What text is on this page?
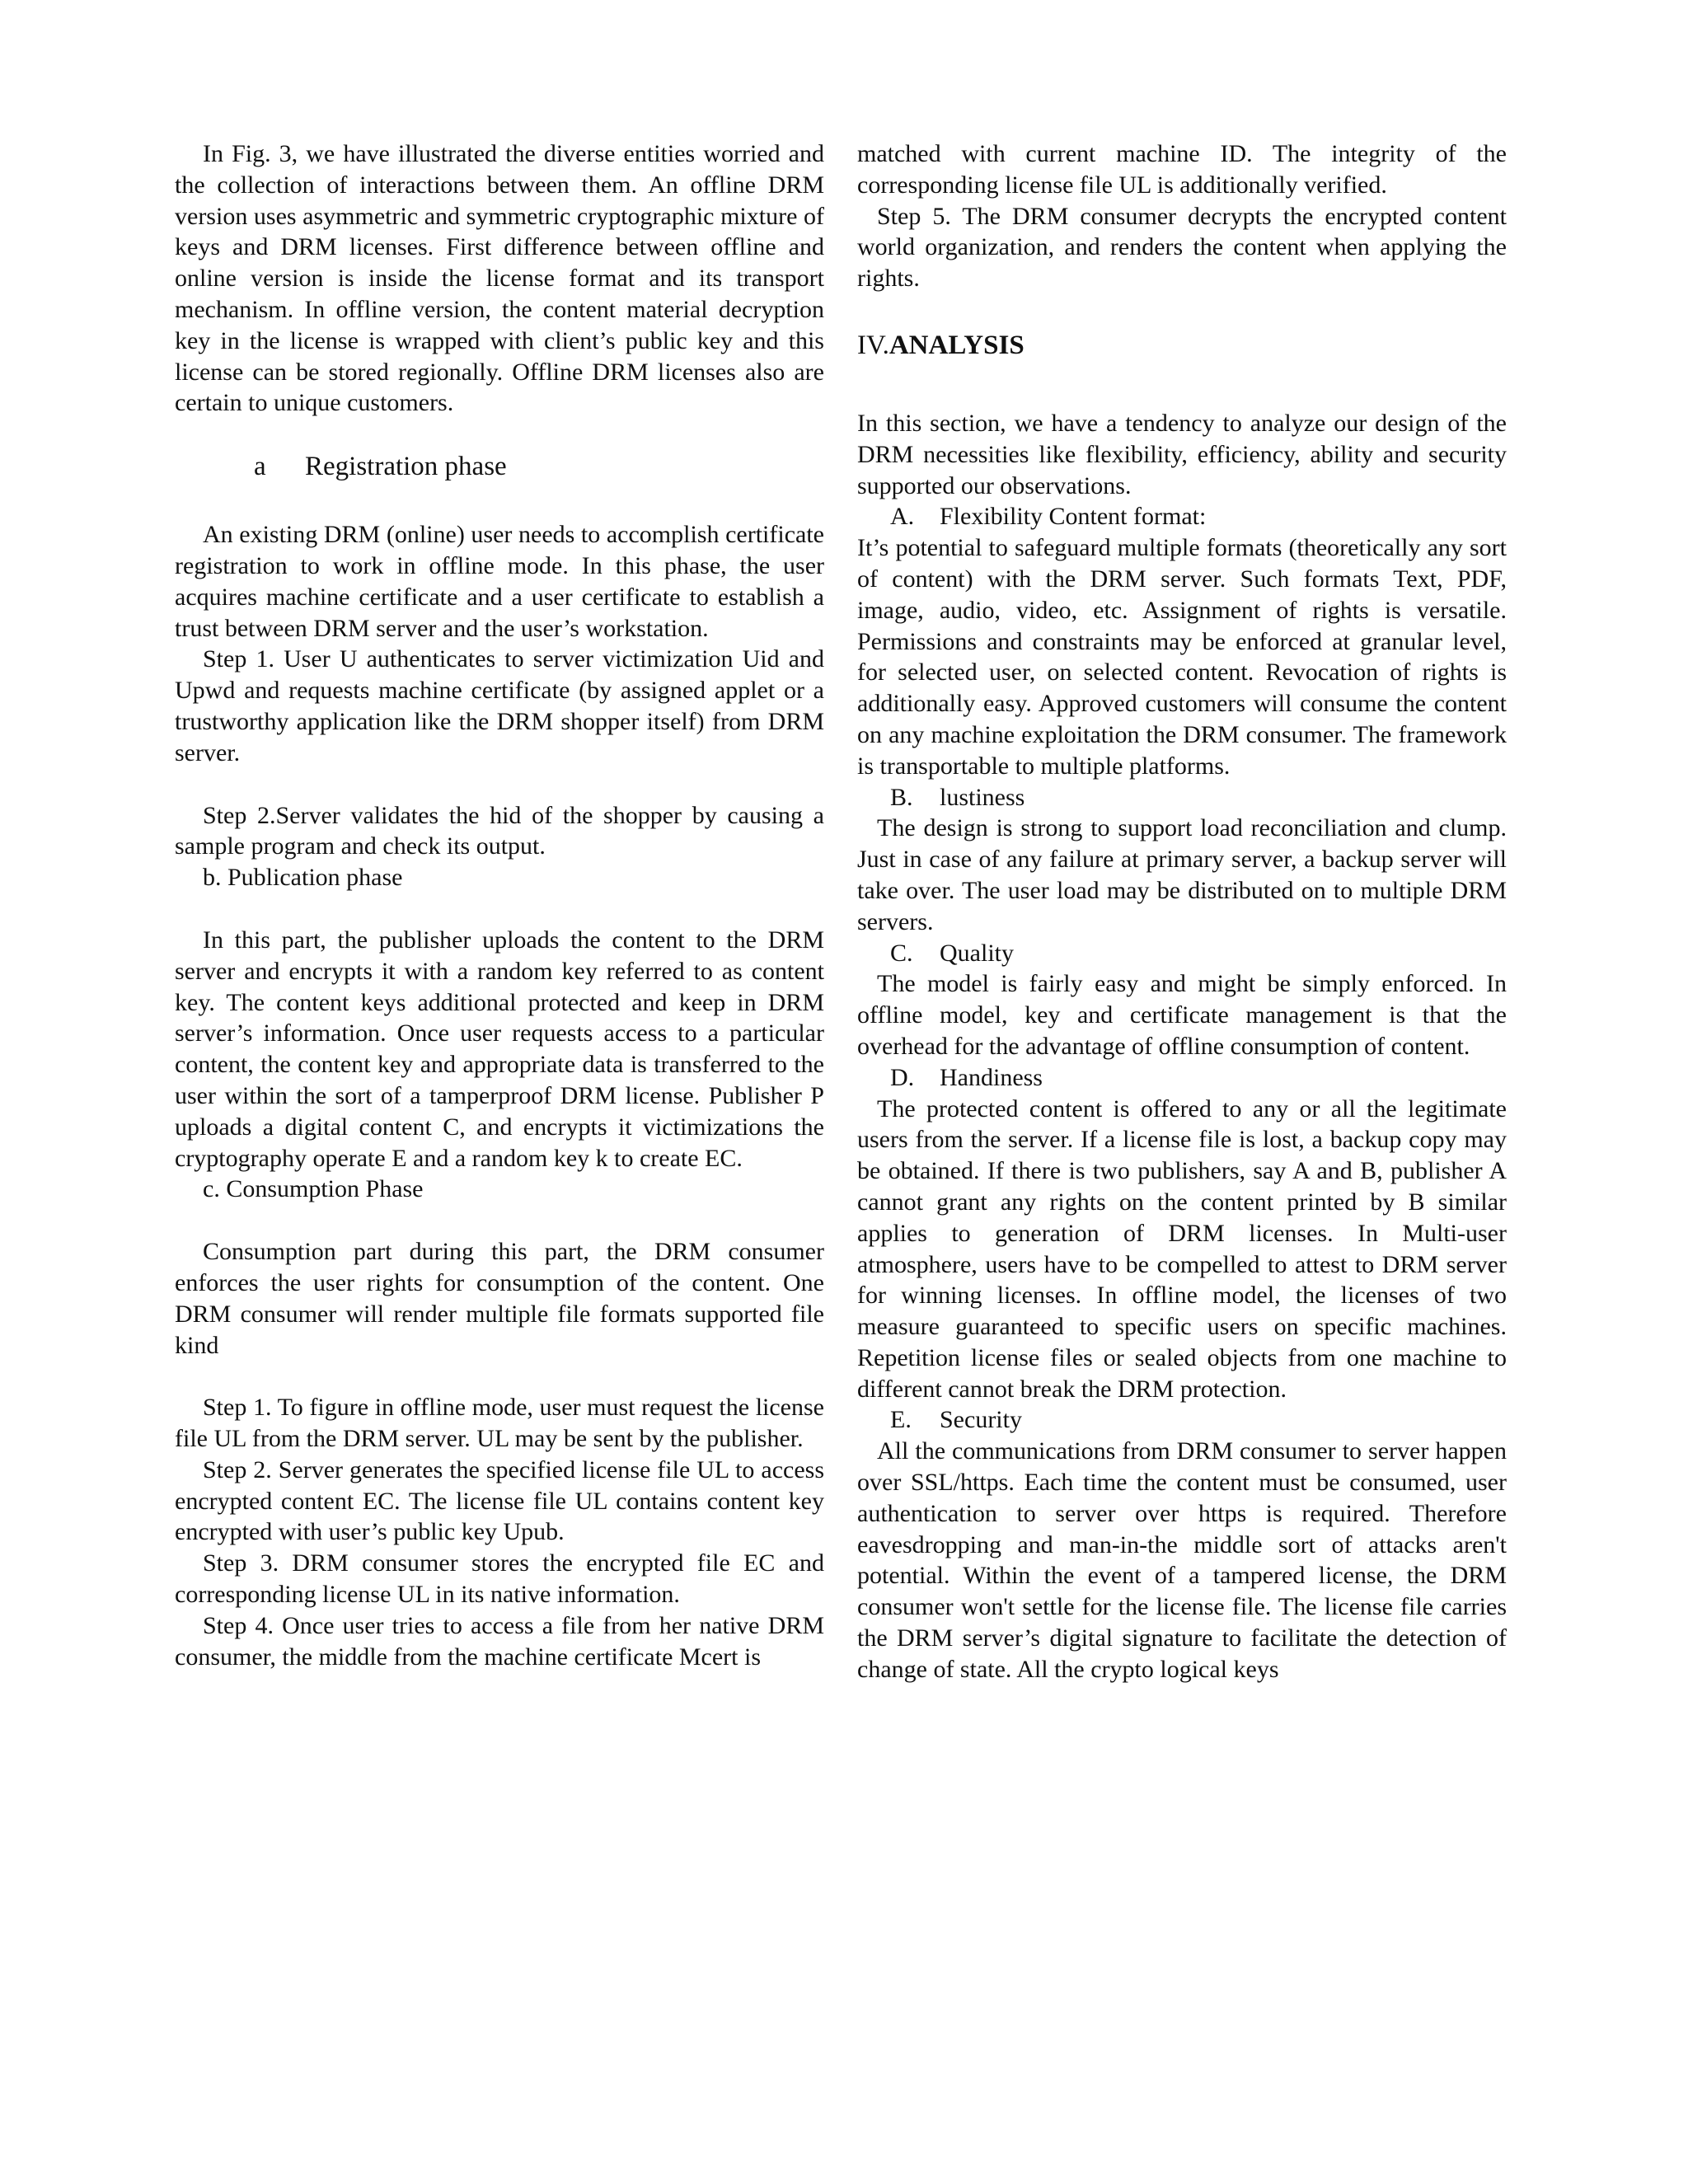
In Fig. 3, we have illustrated the diverse entities worried and the collection of interactions between them. An offline DRM version uses asymmetric and symmetric cryptographic mixture of keys and DRM licenses. First difference between offline and online version is inside the license format and its transport mechanism. In offline version, the content material decryption key in the license is wrapped with client’s public key and this license can be stored regionally. Offline DRM licenses also are certain to unique customers.

a Registration phase

An existing DRM (online) user needs to accomplish certificate registration to work in offline mode. In this phase, the user acquires machine certificate and a user certificate to establish a trust between DRM server and the user’s workstation.

Step 1. User U authenticates to server victimization Uid and Upwd and requests machine certificate (by assigned applet or a trustworthy application like the DRM shopper itself) from DRM server.

Step 2.Server validates the hid of the shopper by causing a sample program and check its output.

b. Publication phase

In this part, the publisher uploads the content to the DRM server and encrypts it with a random key referred to as content key. The content keys additional protected and keep in DRM server’s information. Once user requests access to a particular content, the content key and appropriate data is transferred to the user within the sort of a tamperproof DRM license. Publisher P uploads a digital content C, and encrypts it victimizations the cryptography operate E and a random key k to create EC.

c. Consumption Phase

Consumption part during this part, the DRM consumer enforces the user rights for consumption of the content. One DRM consumer will render multiple file formats supported file kind

Step 1. To figure in offline mode, user must request the license file UL from the DRM server. UL may be sent by the publisher.

Step 2. Server generates the specified license file UL to access encrypted content EC. The license file UL contains content key encrypted with user’s public key Upub.

Step 3. DRM consumer stores the encrypted file EC and corresponding license UL in its native information.

Step 4. Once user tries to access a file from her native DRM consumer, the middle from the machine certificate Mcert is

matched with current machine ID. The integrity of the corresponding license file UL is additionally verified.

Step 5. The DRM consumer decrypts the encrypted content world organization, and renders the content when applying the rights.

IV.ANALYSIS

In this section, we have a tendency to analyze our design of the DRM necessities like flexibility, efficiency, ability and security supported our observations.

A. Flexibility Content format:

It’s potential to safeguard multiple formats (theoretically any sort of content) with the DRM server. Such formats Text, PDF, image, audio, video, etc. Assignment of rights is versatile. Permissions and constraints may be enforced at granular level, for selected user, on selected content. Revocation of rights is additionally easy. Approved customers will consume the content on any machine exploitation the DRM consumer. The framework is transportable to multiple platforms.

B. lustiness

The design is strong to support load reconciliation and clump. Just in case of any failure at primary server, a backup server will take over. The user load may be distributed on to multiple DRM servers.

C. Quality

The model is fairly easy and might be simply enforced. In offline model, key and certificate management is that the overhead for the advantage of offline consumption of content.

D. Handiness

The protected content is offered to any or all the legitimate users from the server. If a license file is lost, a backup copy may be obtained. If there is two publishers, say A and B, publisher A cannot grant any rights on the content printed by B similar applies to generation of DRM licenses. In Multi-user atmosphere, users have to be compelled to attest to DRM server for winning licenses. In offline model, the licenses of two measure guaranteed to specific users on specific machines. Repetition license files or sealed objects from one machine to different cannot break the DRM protection.

E. Security

All the communications from DRM consumer to server happen over SSL/https. Each time the content must be consumed, user authentication to server over https is required. Therefore eavesdropping and man-in-the middle sort of attacks aren't potential. Within the event of a tampered license, the DRM consumer won't settle for the license file. The license file carries the DRM server’s digital signature to facilitate the detection of change of state. All the crypto logical keys
